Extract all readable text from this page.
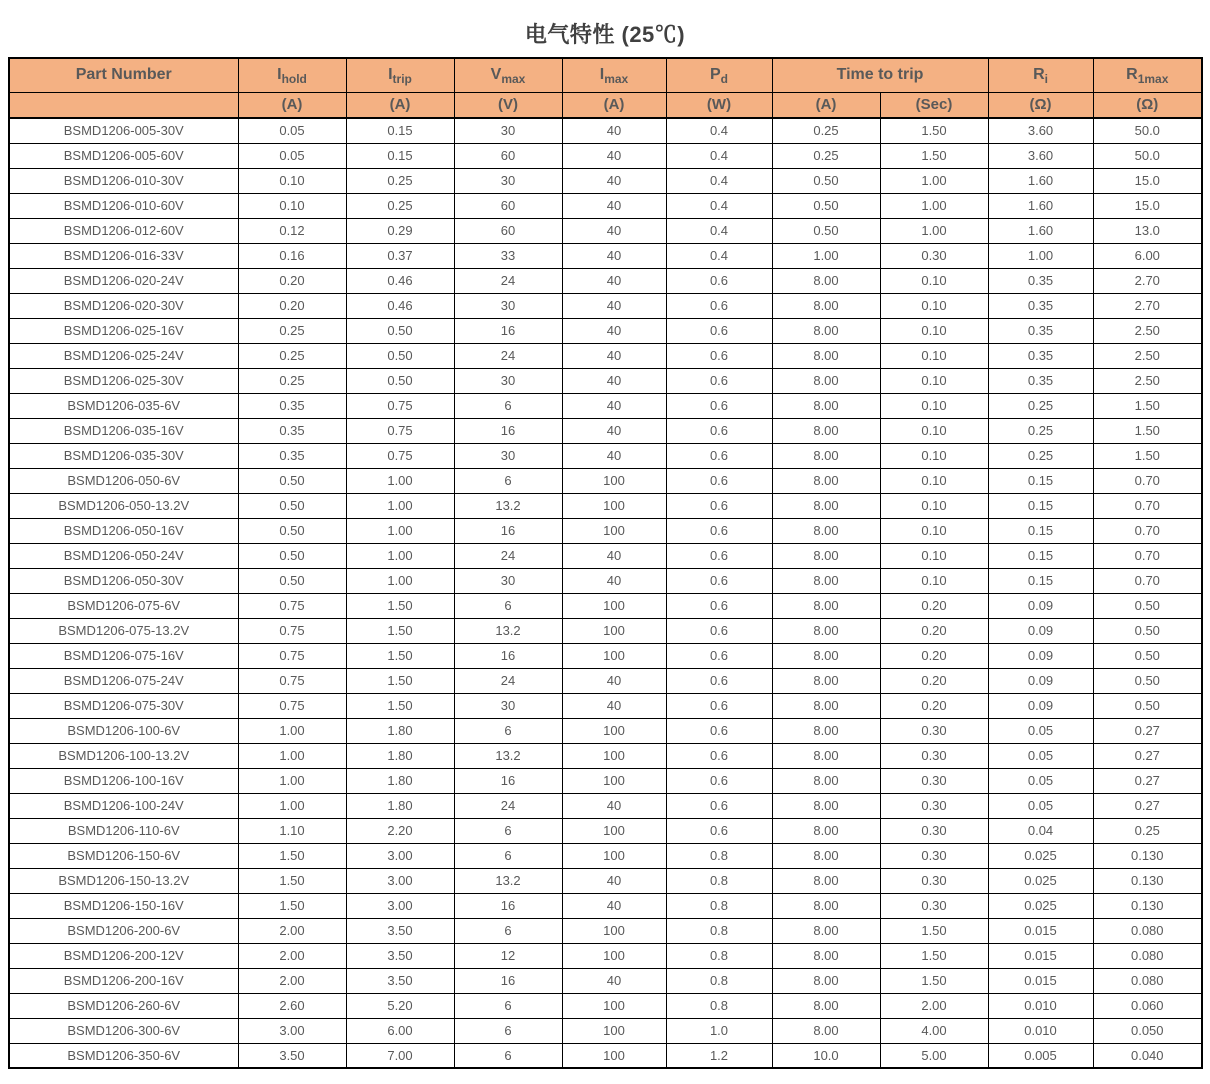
电气特性 (25℃)
Part Number	$I_{hold}$	$I_{trip}$	$V_{max}$	$I_{max}$	$P_d$	Time to trip		$R_i$	$R_{1max}$
	(A)	(A)	(V)	(A)	(W)	(A)	(Sec)	(Ω)	(Ω)
BSMD1206-005-30V	0.05	0.15	30	40	0.4	0.25	1.50	3.60	50.0
BSMD1206-005-60V	0.05	0.15	60	40	0.4	0.25	1.50	3.60	50.0
BSMD1206-010-30V	0.10	0.25	30	40	0.4	0.50	1.00	1.60	15.0
BSMD1206-010-60V	0.10	0.25	60	40	0.4	0.50	1.00	1.60	15.0
BSMD1206-012-60V	0.12	0.29	60	40	0.4	0.50	1.00	1.60	13.0
BSMD1206-016-33V	0.16	0.37	33	40	0.4	1.00	0.30	1.00	6.00
BSMD1206-020-24V	0.20	0.46	24	40	0.6	8.00	0.10	0.35	2.70
BSMD1206-020-30V	0.20	0.46	30	40	0.6	8.00	0.10	0.35	2.70
BSMD1206-025-16V	0.25	0.50	16	40	0.6	8.00	0.10	0.35	2.50
BSMD1206-025-24V	0.25	0.50	24	40	0.6	8.00	0.10	0.35	2.50
BSMD1206-025-30V	0.25	0.50	30	40	0.6	8.00	0.10	0.35	2.50
BSMD1206-035-6V	0.35	0.75	6	40	0.6	8.00	0.10	0.25	1.50
BSMD1206-035-16V	0.35	0.75	16	40	0.6	8.00	0.10	0.25	1.50
BSMD1206-035-30V	0.35	0.75	30	40	0.6	8.00	0.10	0.25	1.50
BSMD1206-050-6V	0.50	1.00	6	100	0.6	8.00	0.10	0.15	0.70
BSMD1206-050-13.2V	0.50	1.00	13.2	100	0.6	8.00	0.10	0.15	0.70
BSMD1206-050-16V	0.50	1.00	16	100	0.6	8.00	0.10	0.15	0.70
BSMD1206-050-24V	0.50	1.00	24	40	0.6	8.00	0.10	0.15	0.70
BSMD1206-050-30V	0.50	1.00	30	40	0.6	8.00	0.10	0.15	0.70
BSMD1206-075-6V	0.75	1.50	6	100	0.6	8.00	0.20	0.09	0.50
BSMD1206-075-13.2V	0.75	1.50	13.2	100	0.6	8.00	0.20	0.09	0.50
BSMD1206-075-16V	0.75	1.50	16	100	0.6	8.00	0.20	0.09	0.50
BSMD1206-075-24V	0.75	1.50	24	40	0.6	8.00	0.20	0.09	0.50
BSMD1206-075-30V	0.75	1.50	30	40	0.6	8.00	0.20	0.09	0.50
BSMD1206-100-6V	1.00	1.80	6	100	0.6	8.00	0.30	0.05	0.27
BSMD1206-100-13.2V	1.00	1.80	13.2	100	0.6	8.00	0.30	0.05	0.27
BSMD1206-100-16V	1.00	1.80	16	100	0.6	8.00	0.30	0.05	0.27
BSMD1206-100-24V	1.00	1.80	24	40	0.6	8.00	0.30	0.05	0.27
BSMD1206-110-6V	1.10	2.20	6	100	0.6	8.00	0.30	0.04	0.25
BSMD1206-150-6V	1.50	3.00	6	100	0.8	8.00	0.30	0.025	0.130
BSMD1206-150-13.2V	1.50	3.00	13.2	40	0.8	8.00	0.30	0.025	0.130
BSMD1206-150-16V	1.50	3.00	16	40	0.8	8.00	0.30	0.025	0.130
BSMD1206-200-6V	2.00	3.50	6	100	0.8	8.00	1.50	0.015	0.080
BSMD1206-200-12V	2.00	3.50	12	100	0.8	8.00	1.50	0.015	0.080
BSMD1206-200-16V	2.00	3.50	16	40	0.8	8.00	1.50	0.015	0.080
BSMD1206-260-6V	2.60	5.20	6	100	0.8	8.00	2.00	0.010	0.060
BSMD1206-300-6V	3.00	6.00	6	100	1.0	8.00	4.00	0.010	0.050
BSMD1206-350-6V	3.50	7.00	6	100	1.2	10.0	5.00	0.005	0.040
